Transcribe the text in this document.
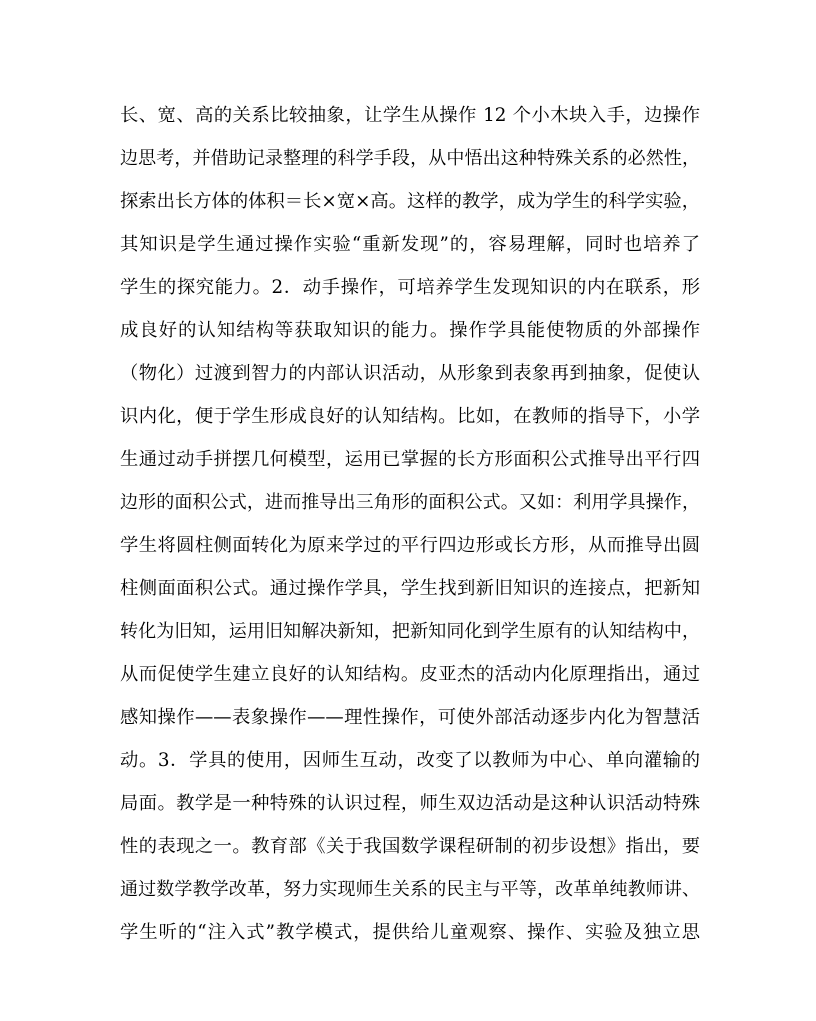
长、宽、高的关系比较抽象，让学生从操作 12 个小木块入手，边操作
边思考，并借助记录整理的科学手段，从中悟出这种特殊关系的必然性，
探索出长方体的体积＝长×宽×高。这样的教学，成为学生的科学实验，
其知识是学生通过操作实验“重新发现”的，容易理解，同时也培养了
学生的探究能力。2．动手操作，可培养学生发现知识的内在联系，形
成良好的认知结构等获取知识的能力。操作学具能使物质的外部操作
（物化）过渡到智力的内部认识活动，从形象到表象再到抽象，促使认
识内化，便于学生形成良好的认知结构。比如，在教师的指导下，小学
生通过动手拼摆几何模型，运用已掌握的长方形面积公式推导出平行四
边形的面积公式，进而推导出三角形的面积公式。又如：利用学具操作，
学生将圆柱侧面转化为原来学过的平行四边形或长方形，从而推导出圆
柱侧面面积公式。通过操作学具，学生找到新旧知识的连接点，把新知
转化为旧知，运用旧知解决新知，把新知同化到学生原有的认知结构中，
从而促使学生建立良好的认知结构。皮亚杰的活动内化原理指出，通过
感知操作——表象操作——理性操作，可使外部活动逐步内化为智慧活
动。3．学具的使用，因师生互动，改变了以教师为中心、单向灌输的
局面。教学是一种特殊的认识过程，师生双边活动是这种认识活动特殊
性的表现之一。教育部《关于我国数学课程研制的初步设想》指出，要
通过数学教学改革，努力实现师生关系的民主与平等，改革单纯教师讲、
学生听的“注入式”教学模式，提供给儿童观察、操作、实验及独立思
